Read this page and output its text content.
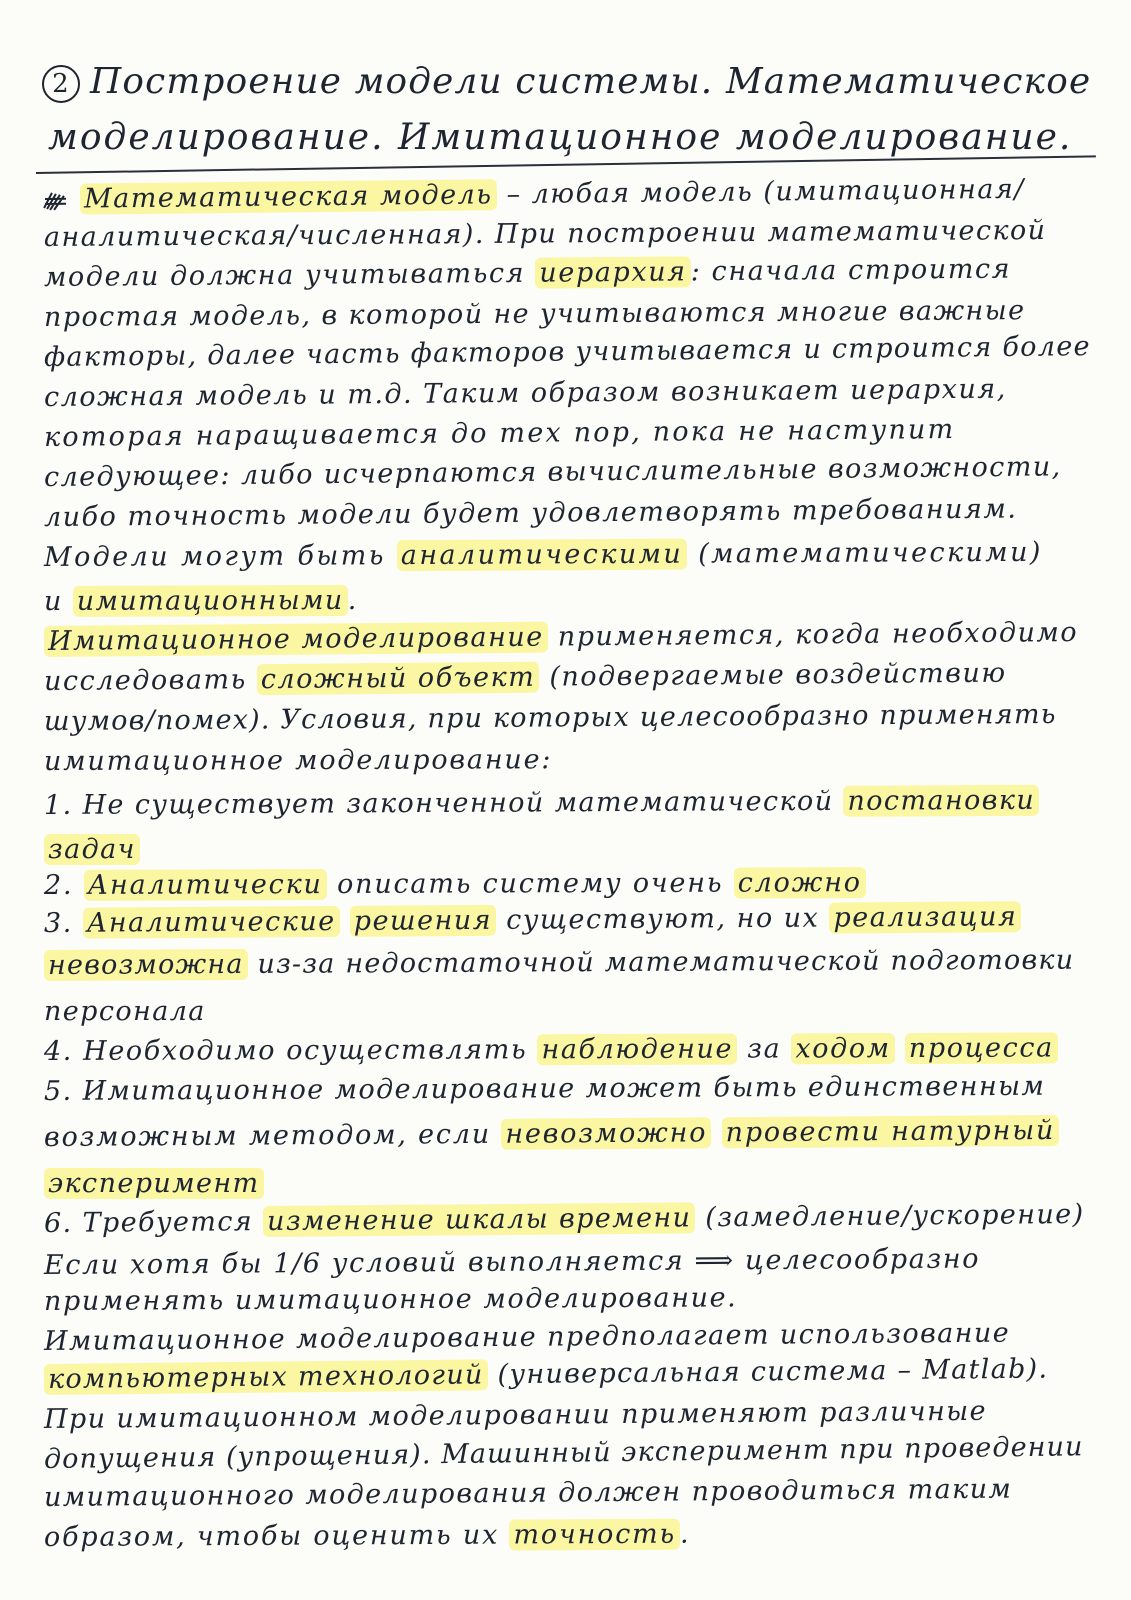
2 Построение модели системы. Математическое
моделирование. Имитационное моделирование.
Математическая модель – любая модель (имитационная/
аналитическая/численная). При построении математической
модели должна учитываться иерархия : сначала строится
простая модель, в которой не учитываются многие важные
факторы, далее часть факторов учитывается и строится более
сложная модель и т.д. Таким образом возникает иерархия,
которая наращивается до тех пор, пока не наступит
следующее: либо исчерпаются вычислительные возможности,
либо точность модели будет удовлетворять требованиям.
Модели могут быть аналитическими (математическими)
и имитационными .
Имитационное моделирование применяется, когда необходимо
исследовать сложный объект (подвергаемые воздействию
шумов/помех). Условия, при которых целесообразно применять
имитационное моделирование:
1. Не существует законченной математической постановки
задач
2. Аналитически описать систему очень сложно
3. Аналитические решения существуют, но их реализация
невозможна из-за недостаточной математической подготовки
персонала
4. Необходимо осуществлять наблюдение за ходом процесса
5. Имитационное моделирование может быть единственным
возможным методом, если невозможно провести натурный
эксперимент
6. Требуется изменение шкалы времени (замедление/ускорение)
Если хотя бы 1/6 условий выполняется ⟹ целесообразно
применять имитационное моделирование.
Имитационное моделирование предполагает использование
компьютерных технологий (универсальная система – Matlab).
При имитационном моделировании применяют различные
допущения (упрощения). Машинный эксперимент при проведении
имитационного моделирования должен проводиться таким
образом, чтобы оценить их точность .
